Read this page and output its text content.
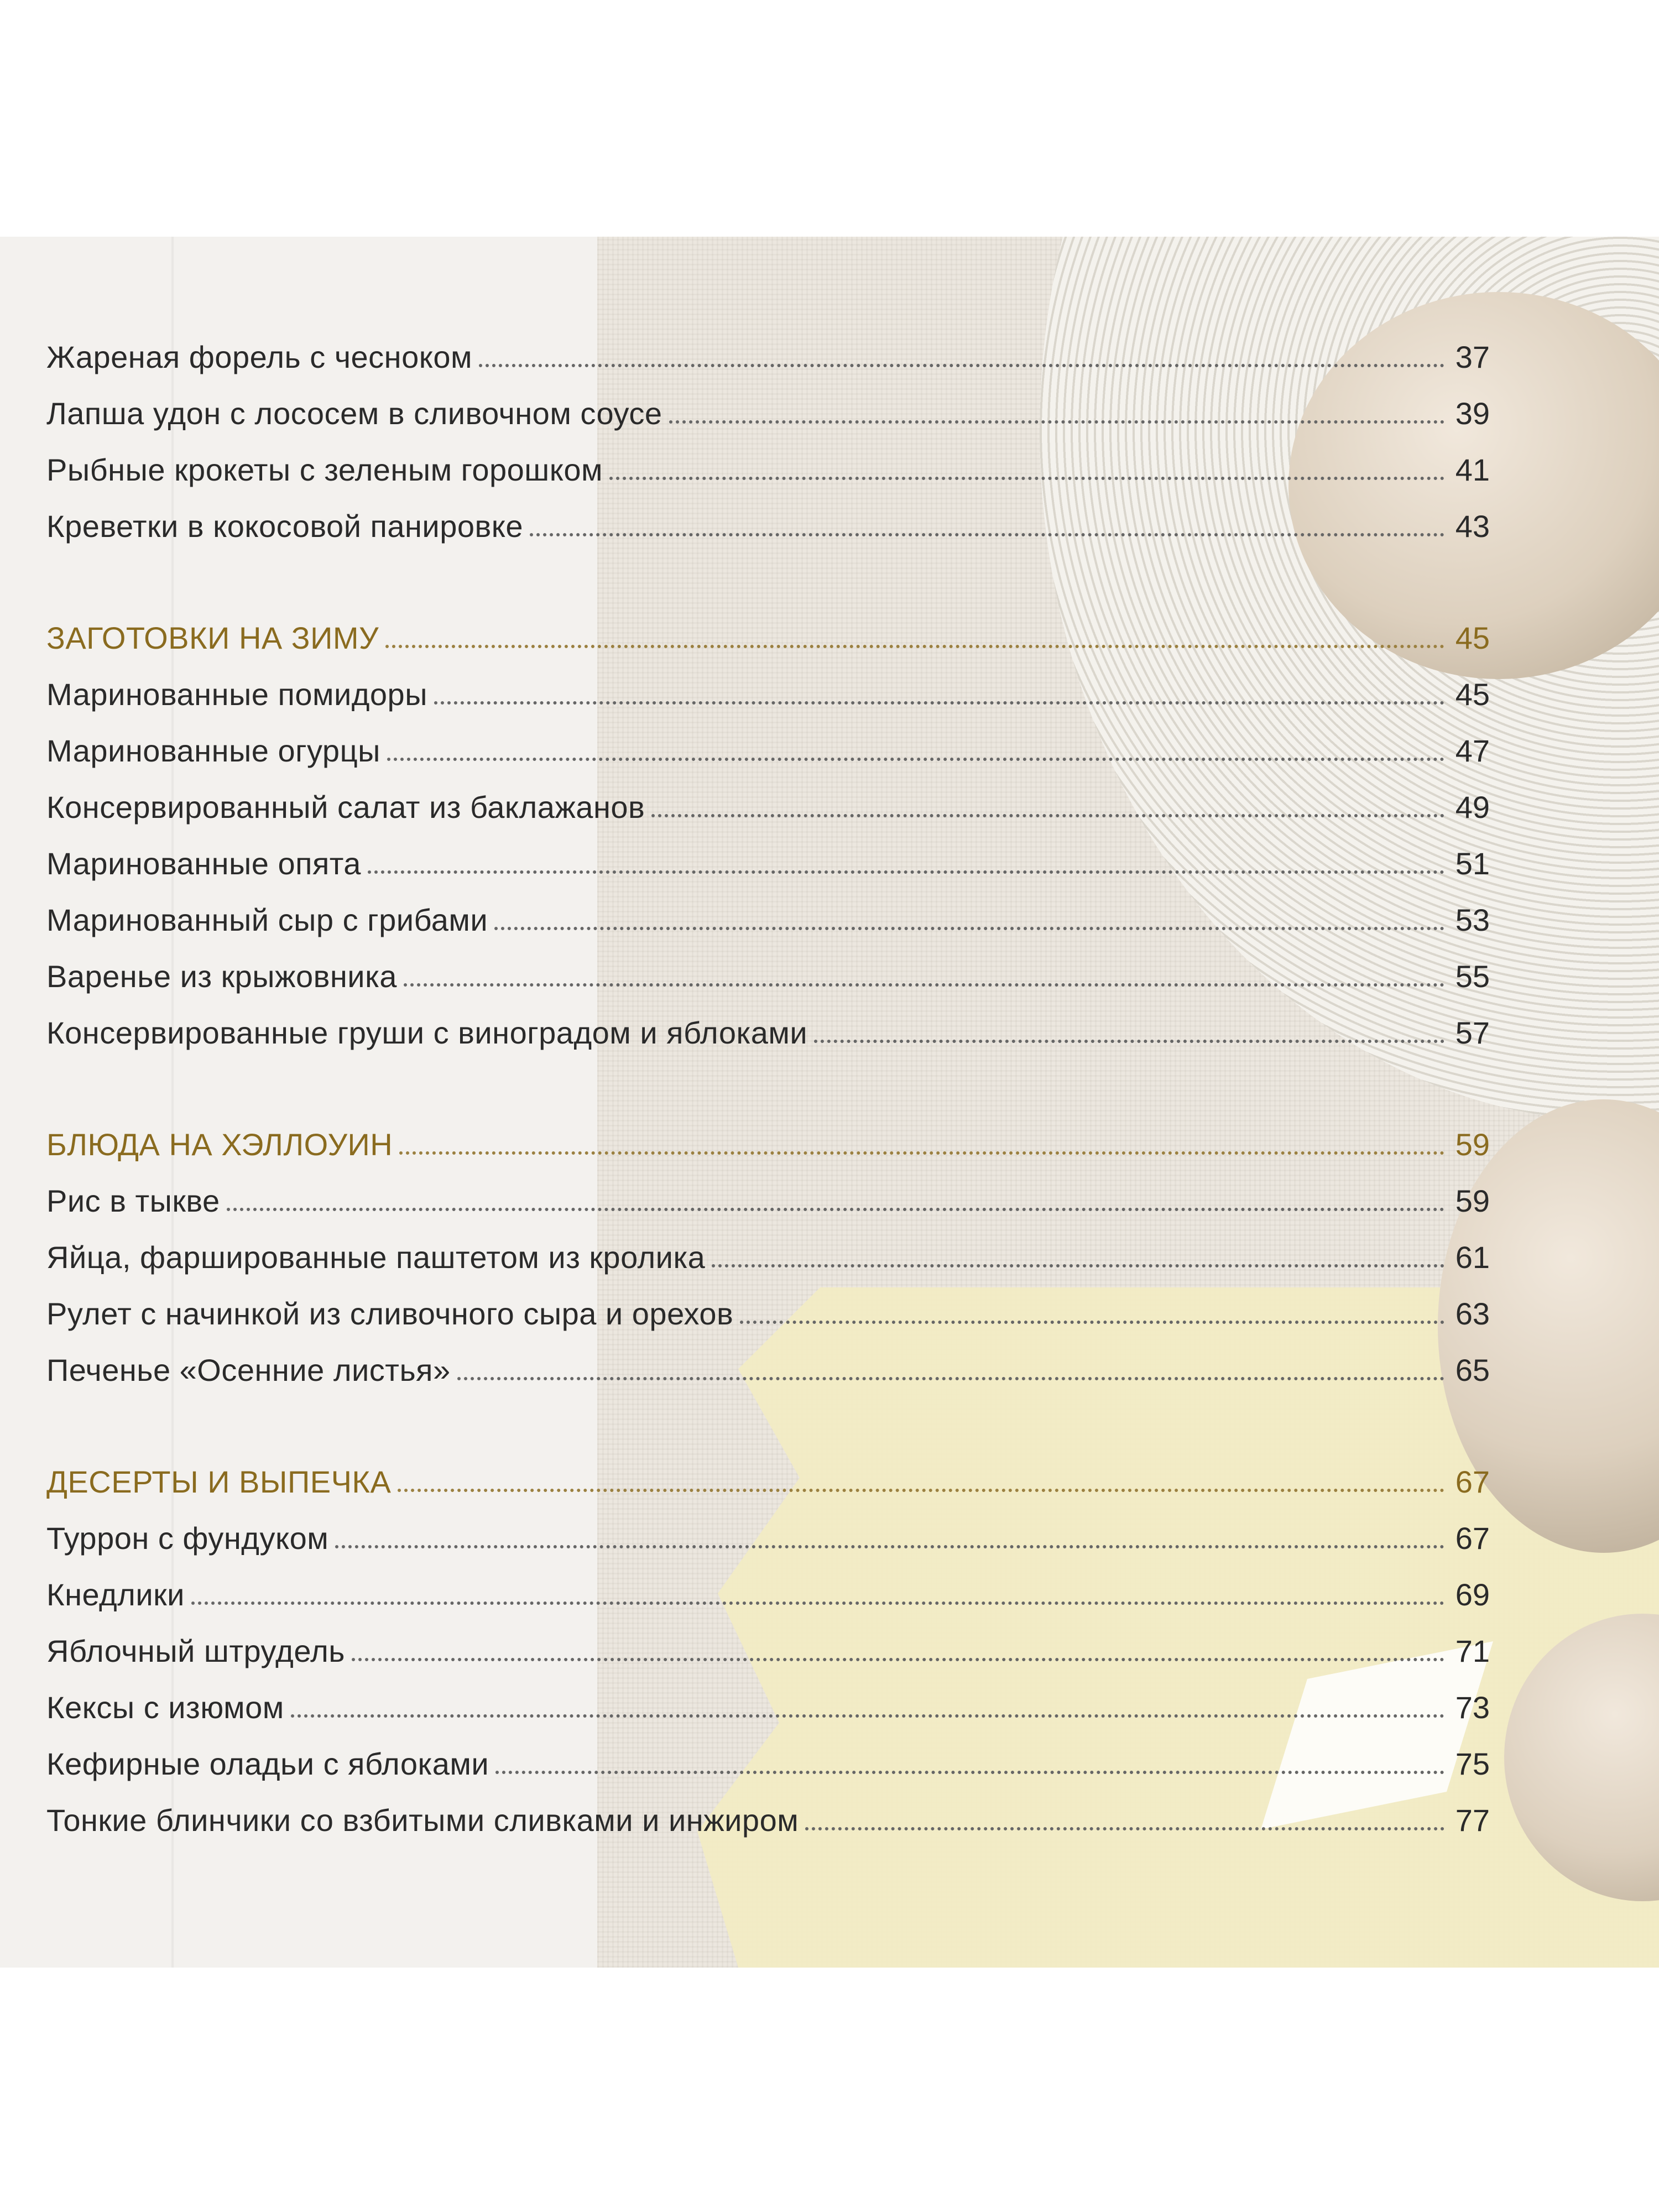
Жареная форель с чесноком	37
Лапша удон с лососем в сливочном соусе	39
Рыбные крокеты с зеленым горошком	41
Креветки в кокосовой панировке	43
ЗАГОТОВКИ НА ЗИМУ	45
Маринованные помидоры	45
Маринованные огурцы	47
Консервированный салат из баклажанов	49
Маринованные опята	51
Маринованный сыр с грибами	53
Варенье из крыжовника	55
Консервированные груши с виноградом и яблоками	57
БЛЮДА НА ХЭЛЛОУИН	59
Рис в тыкве	59
Яйца, фаршированные паштетом из кролика	61
Рулет с начинкой из сливочного сыра и орехов	63
Печенье «Осенние листья»	65
ДЕСЕРТЫ И ВЫПЕЧКА	67
Туррон с фундуком	67
Кнедлики	69
Яблочный штрудель	71
Кексы с изюмом	73
Кефирные оладьи с яблоками	75
Тонкие блинчики со взбитыми сливками и инжиром	77
